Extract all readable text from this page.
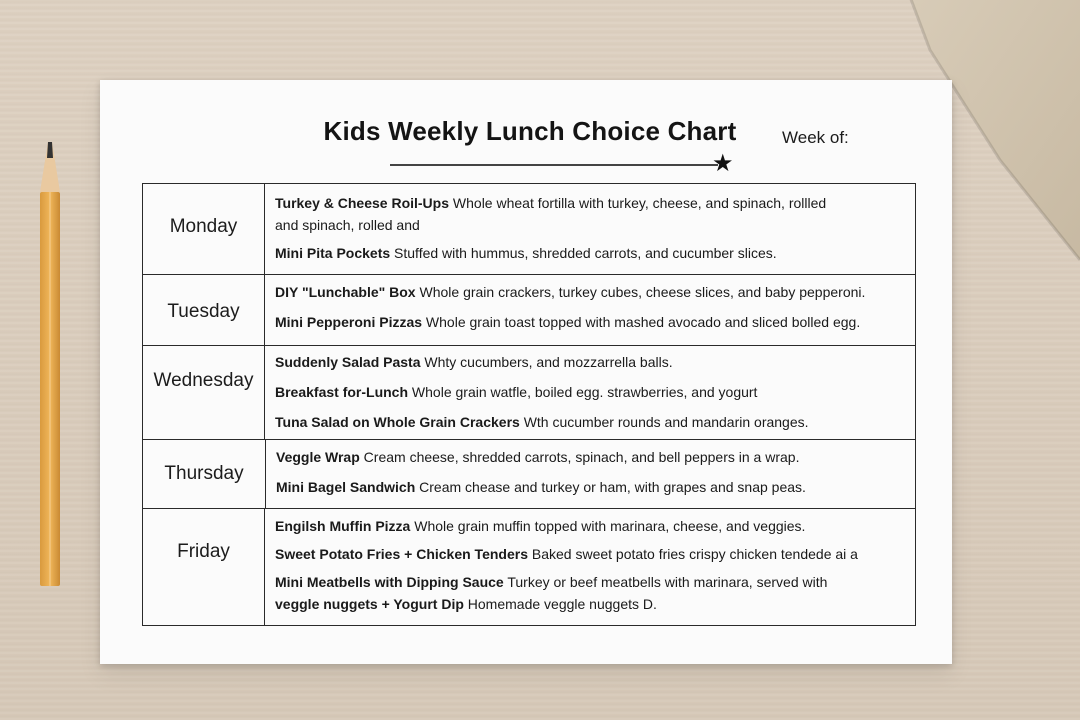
Kids Weekly Lunch Choice Chart	Week of:
★
Monday
Turkey & Cheese Roil-Ups Whole wheat fortilla with turkey, cheese, and spinach, rollled
and spinach, rolled and
Mini Pita Pockets Stuffed with hummus, shredded carrots, and cucumber slices.
Tuesday
DIY "Lunchable" Box Whole grain crackers, turkey cubes, cheese slices, and baby pepperoni.
Mini Pepperoni Pizzas Whole grain toast topped with mashed avocado and sliced bolled egg.
Wednesday
Suddenly Salad Pasta Whty cucumbers, and mozzarrella balls.
Breakfast for-Lunch Whole grain watfle, boiled egg. strawberries, and yogurt
Tuna Salad on Whole Grain Crackers Wth cucumber rounds and mandarin oranges.
Thursday
Veggle Wrap Cream cheese, shredded carrots, spinach, and bell peppers in a wrap.
Mini Bagel Sandwich Cream chease and turkey or ham, with grapes and snap peas.
Friday
Engilsh Muffin Pizza Whole grain muffin topped with marinara, cheese, and veggies.
Sweet Potato Fries + Chicken Tenders Baked sweet potato fries crispy chicken tendede ai a
Mini Meatbells with Dipping Sauce Turkey or beef meatbells with marinara, served with
veggle nuggets + Yogurt Dip Homemade veggle nuggets D.
